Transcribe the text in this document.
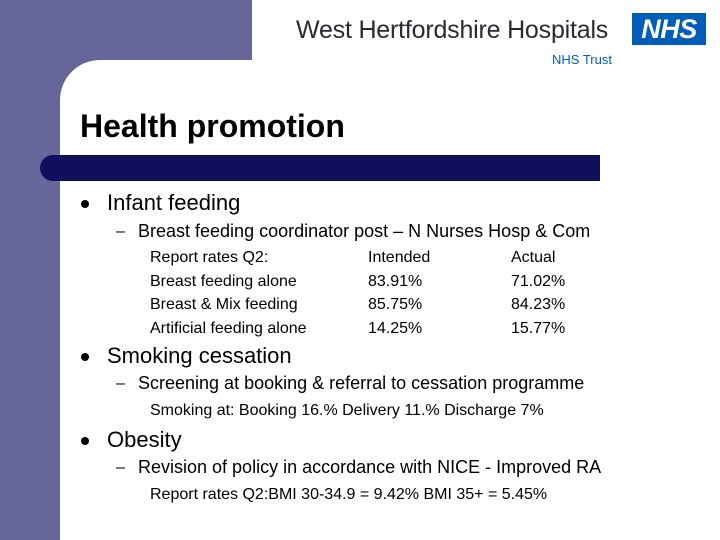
West Hertfordshire Hospitals	NHS
NHS Trust
Health promotion
Infant feeding
– Breast feeding coordinator post – N Nurses Hosp & Com
Report rates Q2:
Breast feeding alone
Breast & Mix feeding
Artificial feeding alone
Intended
83.91%
85.75%
14.25%
Actual
71.02%
84.23%
15.77%
Smoking cessation
– Screening at booking & referral to cessation programme
Smoking at: Booking 16.% Delivery 11.% Discharge 7%
Obesity
– Revision of policy in accordance with NICE - Improved RA
Report rates Q2:BMI 30-34.9 = 9.42% BMI 35+ = 5.45%
